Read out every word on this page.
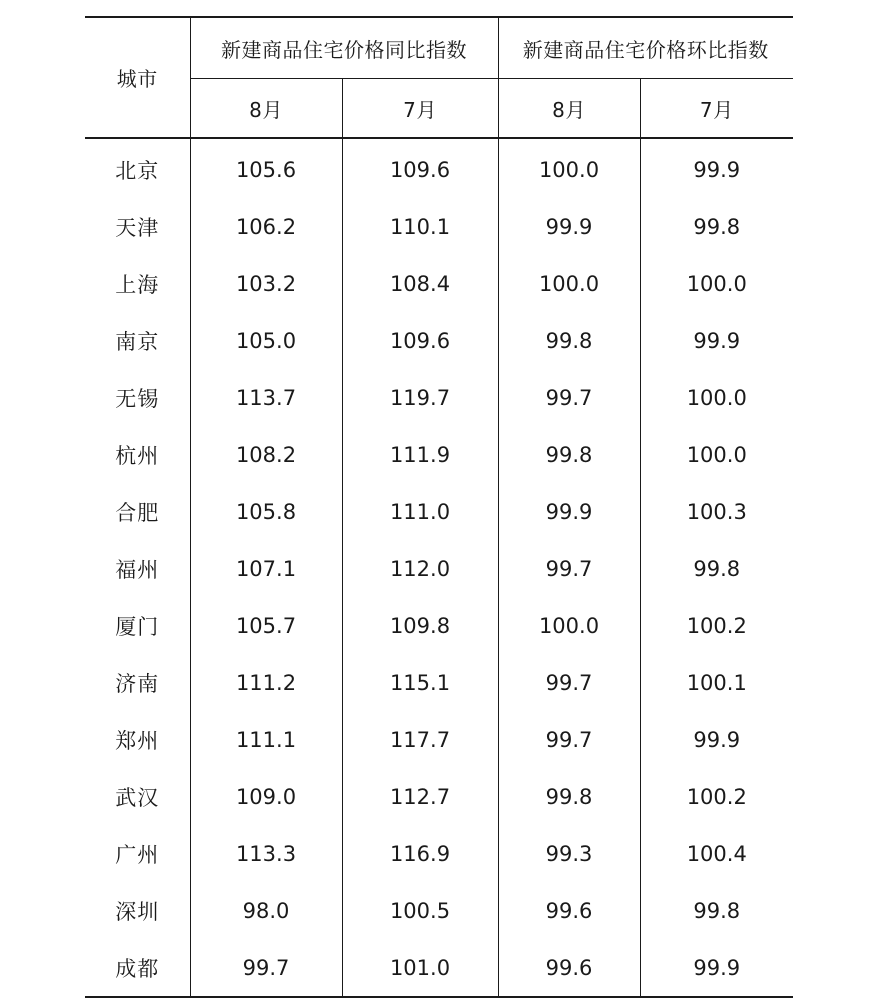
城市	新建商品住宅价格同比指数		新建商品住宅价格环比指数	
	8月	7月	8月	7月
北京	105.6	109.6	100.0	99.9
天津	106.2	110.1	99.9	99.8
上海	103.2	108.4	100.0	100.0
南京	105.0	109.6	99.8	99.9
无锡	113.7	119.7	99.7	100.0
杭州	108.2	111.9	99.8	100.0
合肥	105.8	111.0	99.9	100.3
福州	107.1	112.0	99.7	99.8
厦门	105.7	109.8	100.0	100.2
济南	111.2	115.1	99.7	100.1
郑州	111.1	117.7	99.7	99.9
武汉	109.0	112.7	99.8	100.2
广州	113.3	116.9	99.3	100.4
深圳	98.0	100.5	99.6	99.8
成都	99.7	101.0	99.6	99.9
